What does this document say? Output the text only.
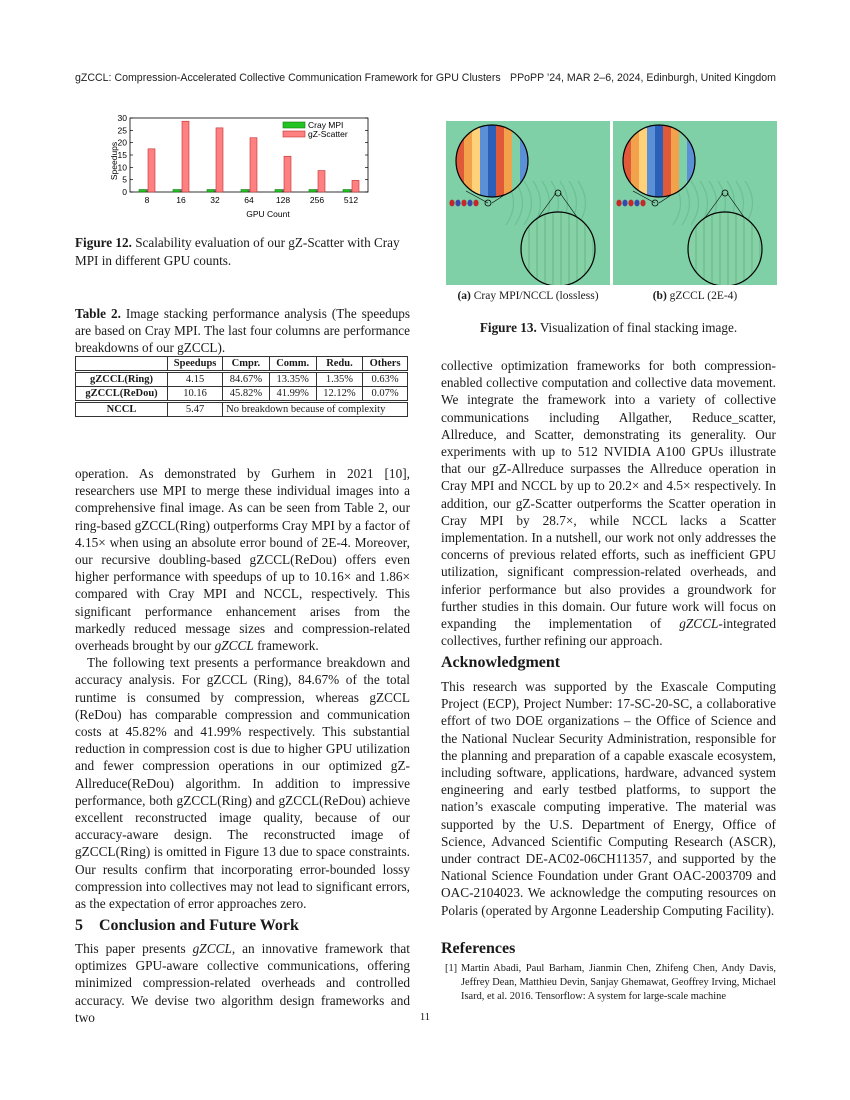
gZCCL: Compression-Accelerated Collective Communication Framework for GPU Clusters PPoPP ’24, MAR 2–6, 2024, Edinburgh, United Kingdom
0
5
10
15
20
25
30
8	16	32	64	128 256 512
Cray MPI
gZ-Scatter
GPU Count
Speedups
Figure 12. Scalability evaluation of our gZ-Scatter with Cray MPI in different GPU counts.
Table 2. Image stacking performance analysis (The speedups are based on Cray MPI. The last four columns are performance breakdowns of our gZCCL).
	Speedups	Cmpr.	Comm.	Redu.	Others
gZCCL(Ring)	4.15	84.67%	13.35%	1.35%	0.63%
gZCCL(ReDou)	10.16	45.82%	41.99%	12.12%	0.07%
NCCL	5.47	No breakdown because of complexity			

operation. As demonstrated by Gurhem in 2021 [10], researchers use MPI to merge these individual images into a comprehensive final image. As can be seen from Table 2, our ring-based gZCCL(Ring) outperforms Cray MPI by a factor of 4.15× when using an absolute error bound of 2E-4. Moreover, our recursive doubling-based gZCCL(ReDou) offers even higher performance with speedups of up to 10.16× and 1.86× compared with Cray MPI and NCCL, respectively. This significant performance enhancement arises from the markedly reduced message sizes and compression-related overheads brought by our gZCCL framework.

The following text presents a performance breakdown and accuracy analysis. For gZCCL (Ring), 84.67% of the total runtime is consumed by compression, whereas gZCCL (ReDou) has comparable compression and communication costs at 45.82% and 41.99% respectively. This substantial reduction in compression cost is due to higher GPU utilization and fewer compression operations in our optimized gZ-Allreduce(ReDou) algorithm. In addition to impressive performance, both gZCCL(Ring) and gZCCL(ReDou) achieve excellent reconstructed image quality, because of our accuracy-aware design. The reconstructed image of gZCCL(Ring) is omitted in Figure 13 due to space constraints. Our results confirm that incorporating error-bounded lossy compression into collectives may not lead to significant errors, as the expectation of error approaches zero.

5 Conclusion and Future Work

This paper presents gZCCL, an innovative framework that optimizes GPU-aware collective communications, offering minimized compression-related overheads and controlled accuracy. We devise two algorithm design frameworks and two

(a) Cray MPI/NCCL (lossless)	(b) gZCCL (2E-4)
Figure 13. Visualization of final stacking image.

collective optimization frameworks for both compression-enabled collective computation and collective data movement. We integrate the framework into a variety of collective communications including Allgather, Reduce_scatter, Allreduce, and Scatter, demonstrating its generality. Our experiments with up to 512 NVIDIA A100 GPUs illustrate that our gZ-Allreduce surpasses the Allreduce operation in Cray MPI and NCCL by up to 20.2× and 4.5× respectively. In addition, our gZ-Scatter outperforms the Scatter operation in Cray MPI by 28.7×, while NCCL lacks a Scatter implementation. In a nutshell, our work not only addresses the concerns of previous related efforts, such as inefficient GPU utilization, significant compression-related overheads, and inferior performance but also provides a groundwork for further studies in this domain. Our future work will focus on expanding the implementation of gZCCL-integrated collectives, further refining our approach.

Acknowledgment

This research was supported by the Exascale Computing Project (ECP), Project Number: 17-SC-20-SC, a collaborative effort of two DOE organizations – the Office of Science and the National Nuclear Security Administration, responsible for the planning and preparation of a capable exascale ecosystem, including software, applications, hardware, advanced system engineering and early testbed platforms, to support the nation’s exascale computing imperative. The material was supported by the U.S. Department of Energy, Office of Science, Advanced Scientific Computing Research (ASCR), under contract DE-AC02-06CH11357, and supported by the National Science Foundation under Grant OAC-2003709 and OAC-2104023. We acknowledge the computing resources on Polaris (operated by Argonne Leadership Computing Facility).

References
[1] Martin Abadi, Paul Barham, Jianmin Chen, Zhifeng Chen, Andy Davis, Jeffrey Dean, Matthieu Devin, Sanjay Ghemawat, Geoffrey Irving, Michael Isard, et al. 2016. Tensorflow: A system for large-scale machine
11
